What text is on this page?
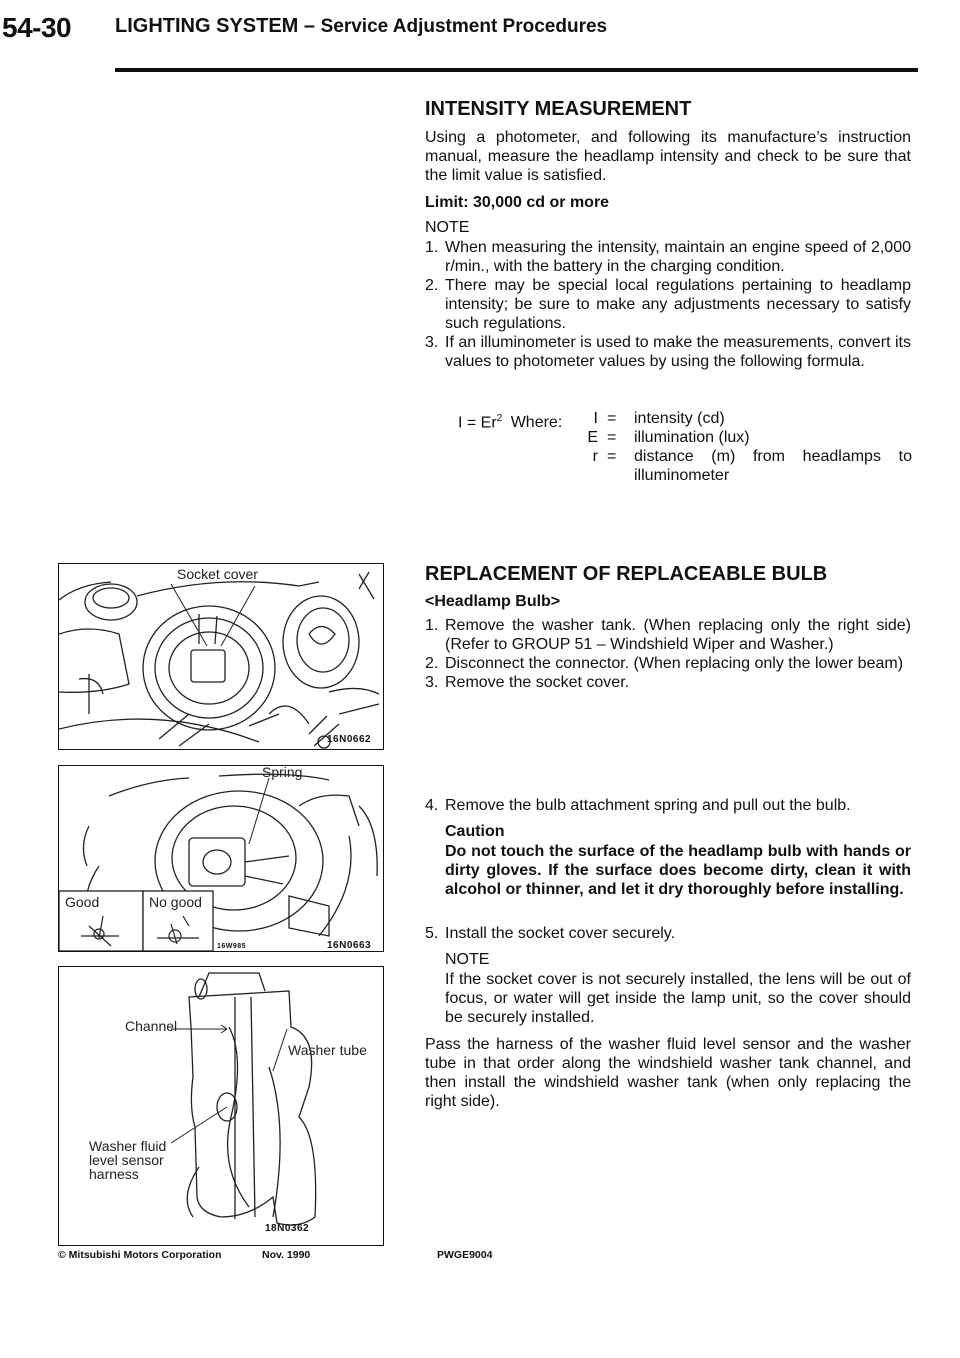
54-30 LIGHTING SYSTEM – Service Adjustment Procedures
INTENSITY MEASUREMENT
Using a photometer, and following its manufacture’s instruction manual, measure the headlamp intensity and check to be sure that the limit value is satisfied.
Limit: 30,000 cd or more
NOTE
1. When measuring the intensity, maintain an engine speed of 2,000 r/min., with the battery in the charging condition.
2. There may be special local regulations pertaining to headlamp intensity; be sure to make any adjustments necessary to satisfy such regulations.
3. If an illuminometer is used to make the measurements, convert its values to photometer values by using the following formula.
$I = Er^2$ Where: I = intensity (cd)
E = illumination (lux)
r = distance (m) from headlamps to illuminometer
REPLACEMENT OF REPLACEABLE BULB
<Headlamp Bulb>
1. Remove the washer tank. (When replacing only the right side) (Refer to GROUP 51 – Windshield Wiper and Washer.)
2. Disconnect the connector. (When replacing only the lower beam)
3. Remove the socket cover.
4. Remove the bulb attachment spring and pull out the bulb.
Caution
Do not touch the surface of the headlamp bulb with hands or dirty gloves. If the surface does become dirty, clean it with alcohol or thinner, and let it dry thoroughly before installing.
5. Install the socket cover securely.
NOTE
If the socket cover is not securely installed, the lens will be out of focus, or water will get inside the lamp unit, so the cover should be securely installed.
Pass the harness of the washer fluid level sensor and the washer tube in that order along the windshield washer tank channel, and then install the windshield washer tank (when only replacing the right side).
Socket cover
16N0662
Spring
Good	No good
16W985	16N0663
Channel
Washer tube
Washer fluid
level sensor
harness
18N0362
© Mitsubishi Motors Corporation	Nov. 1990	PWGE9004
